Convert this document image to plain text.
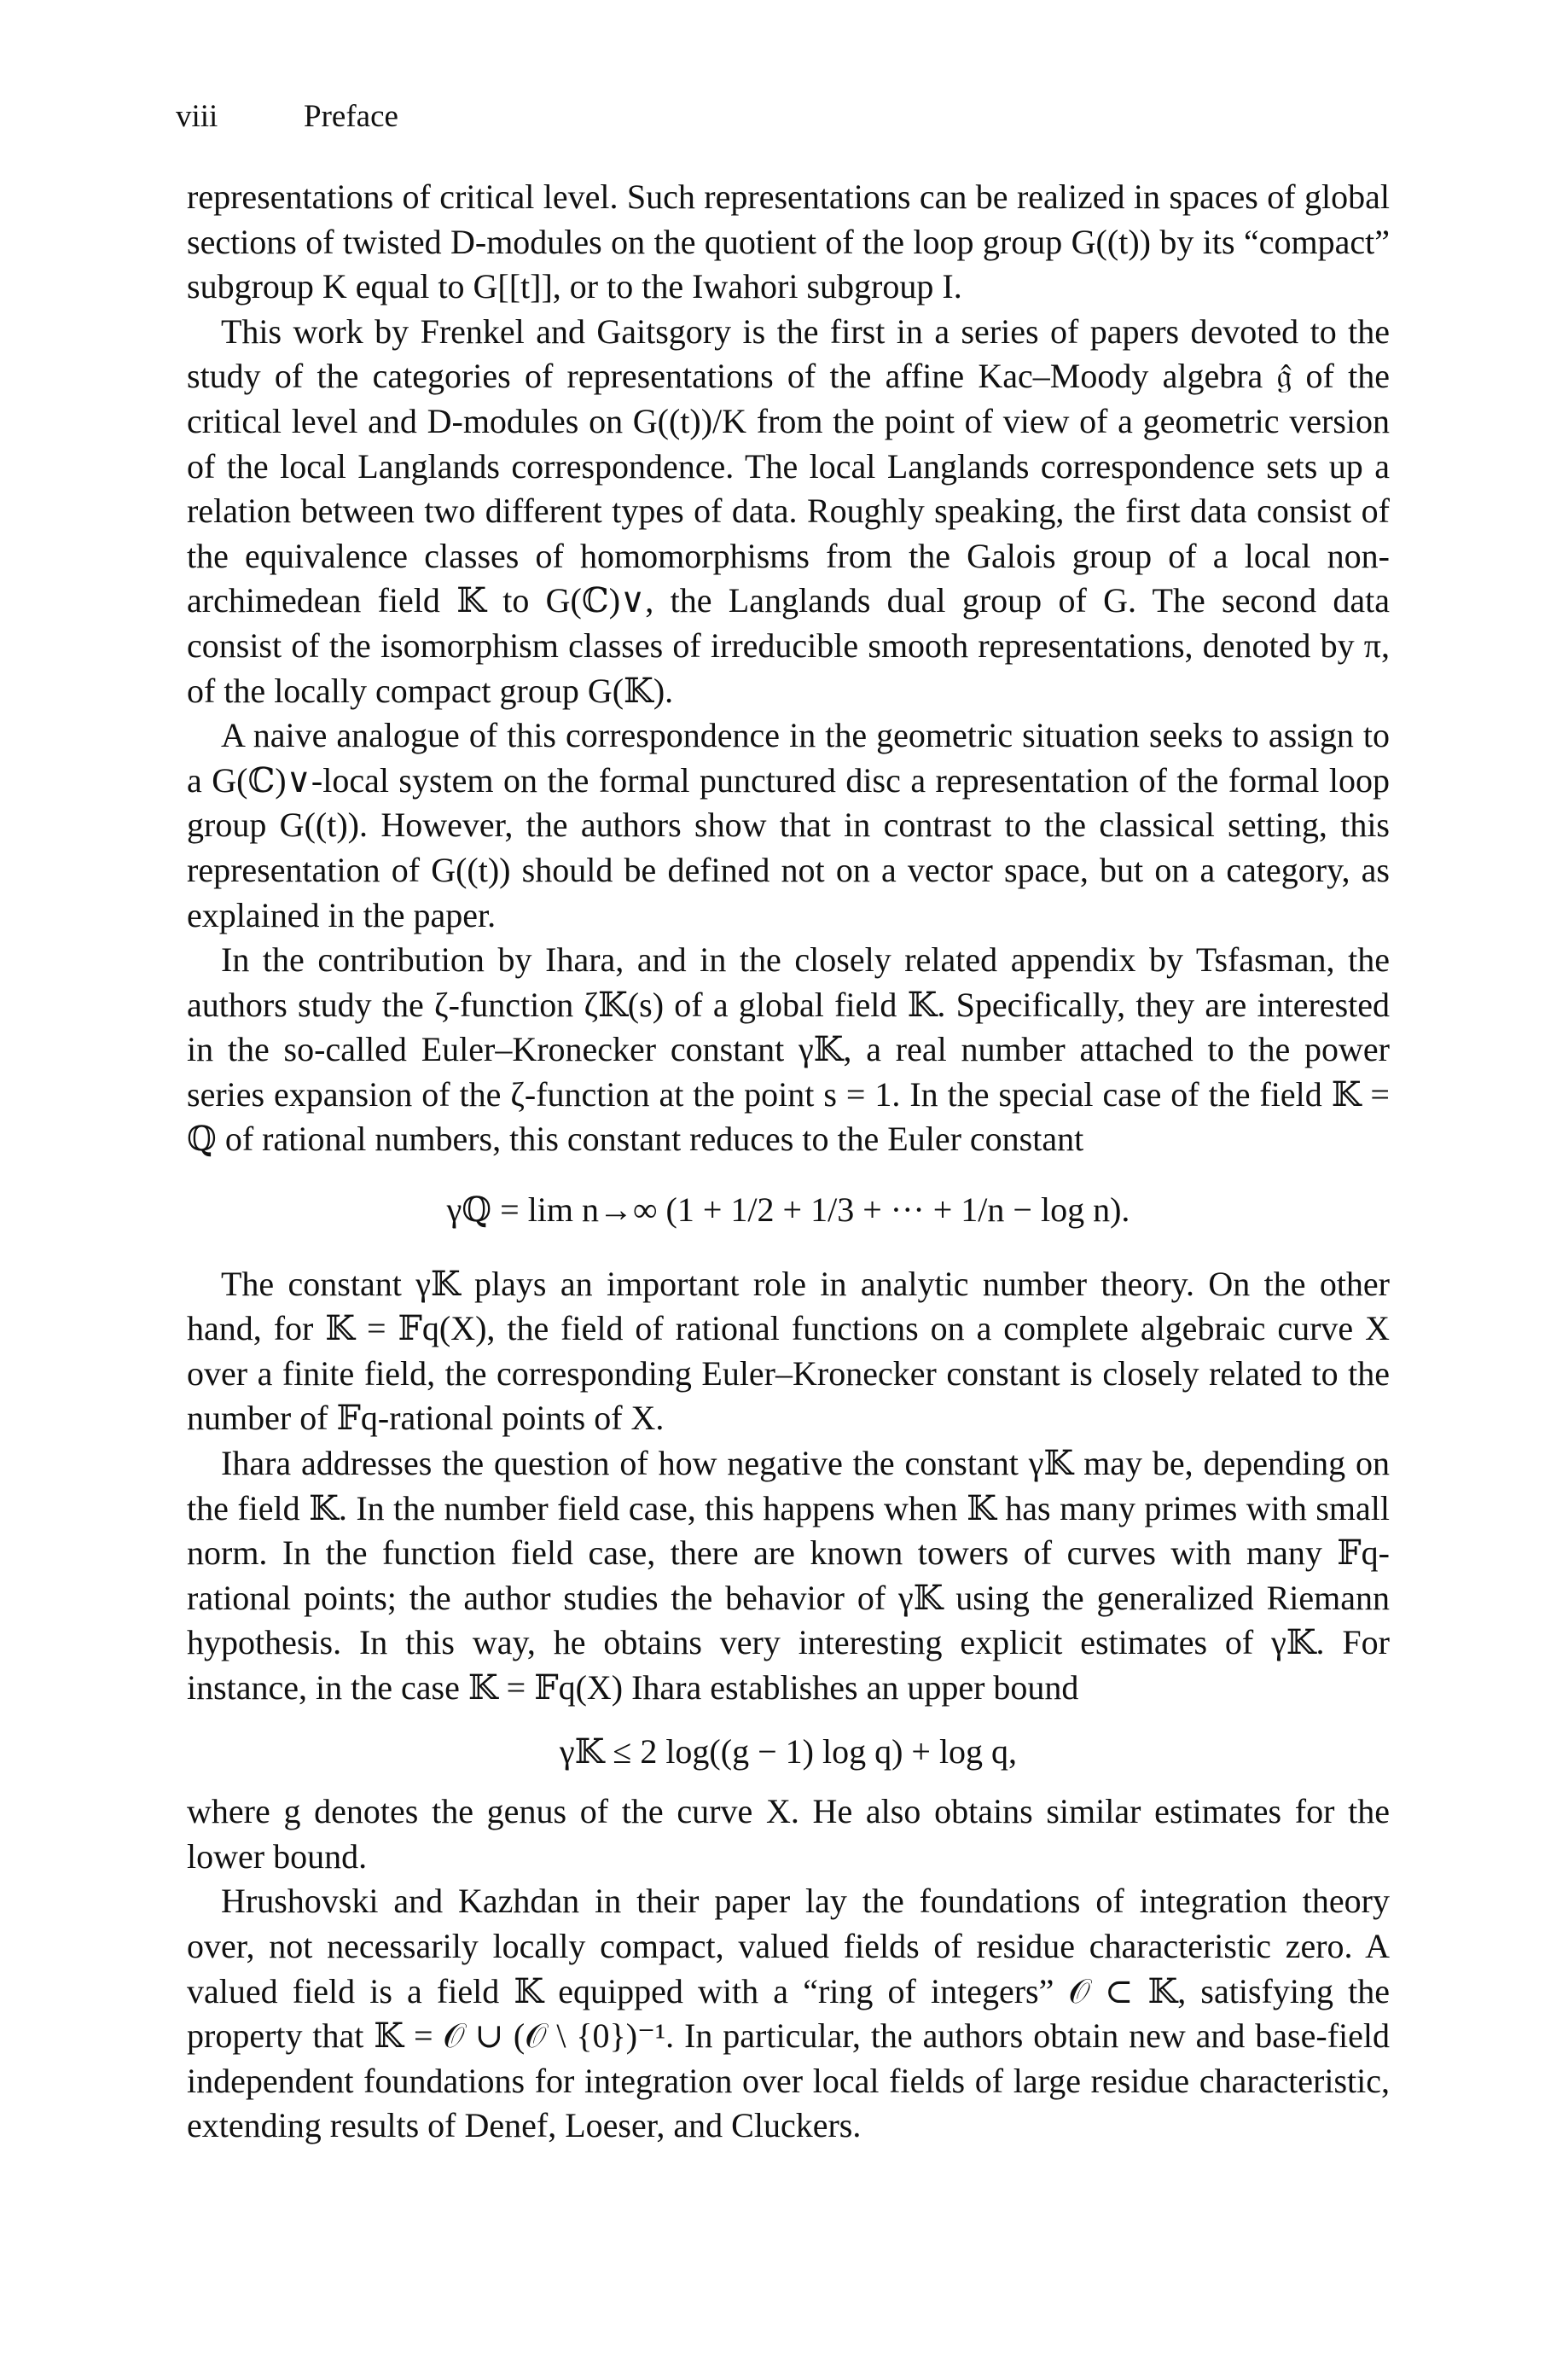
viii	Preface

representations of critical level. Such representations can be realized in spaces of global sections of twisted D-modules on the quotient of the loop group G((t)) by its “compact” subgroup K equal to G[[t]], or to the Iwahori subgroup I.

This work by Frenkel and Gaitsgory is the first in a series of papers devoted to the study of the categories of representations of the affine Kac–Moody algebra 𝔤̂ of the critical level and D-modules on G((t))/K from the point of view of a geometric version of the local Langlands correspondence. The local Langlands correspondence sets up a relation between two different types of data. Roughly speaking, the first data consist of the equivalence classes of homomorphisms from the Galois group of a local non-archimedean field 𝕂 to G(ℂ)∨, the Langlands dual group of G. The second data consist of the isomorphism classes of irreducible smooth representations, denoted by π, of the locally compact group G(𝕂).

A naive analogue of this correspondence in the geometric situation seeks to assign to a G(ℂ)∨-local system on the formal punctured disc a representation of the formal loop group G((t)). However, the authors show that in contrast to the classical setting, this representation of G((t)) should be defined not on a vector space, but on a category, as explained in the paper.

In the contribution by Ihara, and in the closely related appendix by Tsfasman, the authors study the ζ-function ζ𝕂(s) of a global field 𝕂. Specifically, they are interested in the so-called Euler–Kronecker constant γ𝕂, a real number attached to the power series expansion of the ζ-function at the point s = 1. In the special case of the field 𝕂 = ℚ of rational numbers, this constant reduces to the Euler constant

γℚ = lim n→∞ (1 + 1/2 + 1/3 + ··· + 1/n − log n).

The constant γ𝕂 plays an important role in analytic number theory. On the other hand, for 𝕂 = 𝔽q(X), the field of rational functions on a complete algebraic curve X over a finite field, the corresponding Euler–Kronecker constant is closely related to the number of 𝔽q-rational points of X.

Ihara addresses the question of how negative the constant γ𝕂 may be, depending on the field 𝕂. In the number field case, this happens when 𝕂 has many primes with small norm. In the function field case, there are known towers of curves with many 𝔽q-rational points; the author studies the behavior of γ𝕂 using the generalized Riemann hypothesis. In this way, he obtains very interesting explicit estimates of γ𝕂. For instance, in the case 𝕂 = 𝔽q(X) Ihara establishes an upper bound

γ𝕂 ≤ 2 log((g − 1) log q) + log q,

where g denotes the genus of the curve X. He also obtains similar estimates for the lower bound.

Hrushovski and Kazhdan in their paper lay the foundations of integration theory over, not necessarily locally compact, valued fields of residue characteristic zero. A valued field is a field 𝕂 equipped with a “ring of integers” 𝒪 ⊂ 𝕂, satisfying the property that 𝕂 = 𝒪 ∪ (𝒪 \ {0})⁻¹. In particular, the authors obtain new and base-field independent foundations for integration over local fields of large residue characteristic, extending results of Denef, Loeser, and Cluckers.
